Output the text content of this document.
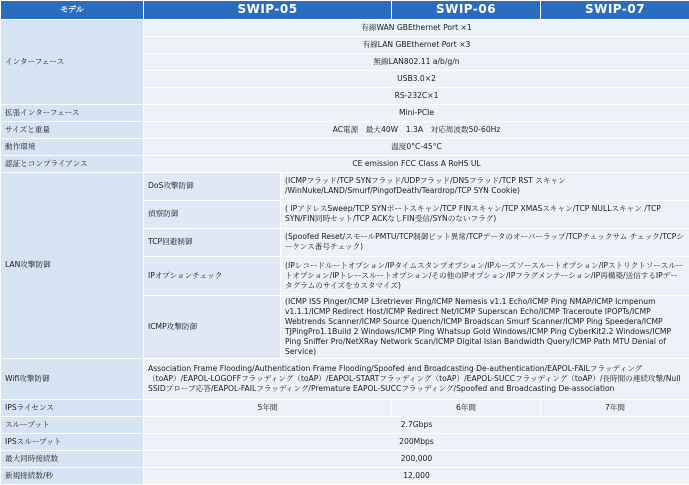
モデル	SWIP-05		SWIP-06	SWIP-07
インターフェース	有線WAN GBEthernet Port ×1			
	有線LAN GBEthernet Port ×3			
	無線LAN802.11 a/b/g/n			
	USB3.0×2			
	RS-232C×1			
拡張インターフェース	Mini-PCIe			
サイズと重量	AC電源　最大40W　1.3A　対応周波数50-60Hz			
動作環境	温度0°C-45°C			
認証とコンプライアンス	CE emission FCC Class A RoHS UL			
LAN攻撃防御	DoS攻撃防御	(ICMPフラッド/TCP SYNフラッド/UDPフラッド/DNSフラッド/TCP RST スキャン /WinNuke/LAND/Smurf/PingofDeath/Teardrop/TCP SYN Cookie)		
	偵察防御	( IPアドレスSweep/TCP SYNポートスキャン/TCP FINスキャン/TCP XMASスキャン/TCP NULLスキャン /TCP SYN/FIN同時セット/TCP ACKなしFIN受信/SYNのないフラグ)		
	TCP回避制御	(Spoofed Reset/スモールPMTU/TCP制御ビット異常/TCPデータのオーバーラップ/TCPチェックサム チェック/TCPシーケンス番号チェック)		
	IPオプションチェック	(IPレコードルートオプション/IPタイムスタンプオプション/IPルーズソースルートオプション/IPストリクトソースルートオプション/IPトレースルートオプション/その他のIPオプション/IPフラグメンテーション/IP再構築/送信するIPデータグラムのサイズをカスタマイズ)		
	ICMP攻撃防御	(ICMP ISS Pinger/ICMP L3retriever Ping/ICMP Nemesis v1.1 Echo/ICMP Ping NMAP/ICMP Icmpenum v1.1.1/ICMP Redirect Host/ICMP Redirect Net/ICMP Superscan Echo/ICMP Traceroute IPOPTs/ICMP Webtrends Scanner/ICMP Source Quench/ICMP Broadscan Smurf Scanner/ICMP Ping Speedera/ICMP TJPingPro1.1Build 2 Windows/ICMP Ping Whatsup Gold Windows/ICMP Ping CyberKit2.2 Windows/ICMP Ping Sniffer Pro/NetXRay Network Scan/ICMP Digital Islan Bandwidth Query/ICMP Path MTU Denial of Service)		
Wifi攻撃防御	Association Frame Flooding/Authentication Frame Flooding/Spoofed and Broadcasting De-authentication/EAPOL-FAILフラッディング（toAP）/EAPOL-LOGOFFフラッディング（toAP）/EAPOL-STARTフラッディング（toAP）/EAPOL-SUCCフラッディング（toAP）/長時間の連続攻撃/Null SSIDプローブ応答/EAPOL-FAILフラッディング/Premature EAPOL-SUCCフラッディング/Spoofed and Broadcasting De-association			
IPSライセンス	5年間		6年間	7年間
スループット	2.7Gbps			
IPSスループット	200Mbps			
最大同時接続数	200,000			
新規接続数/秒	12,000			
